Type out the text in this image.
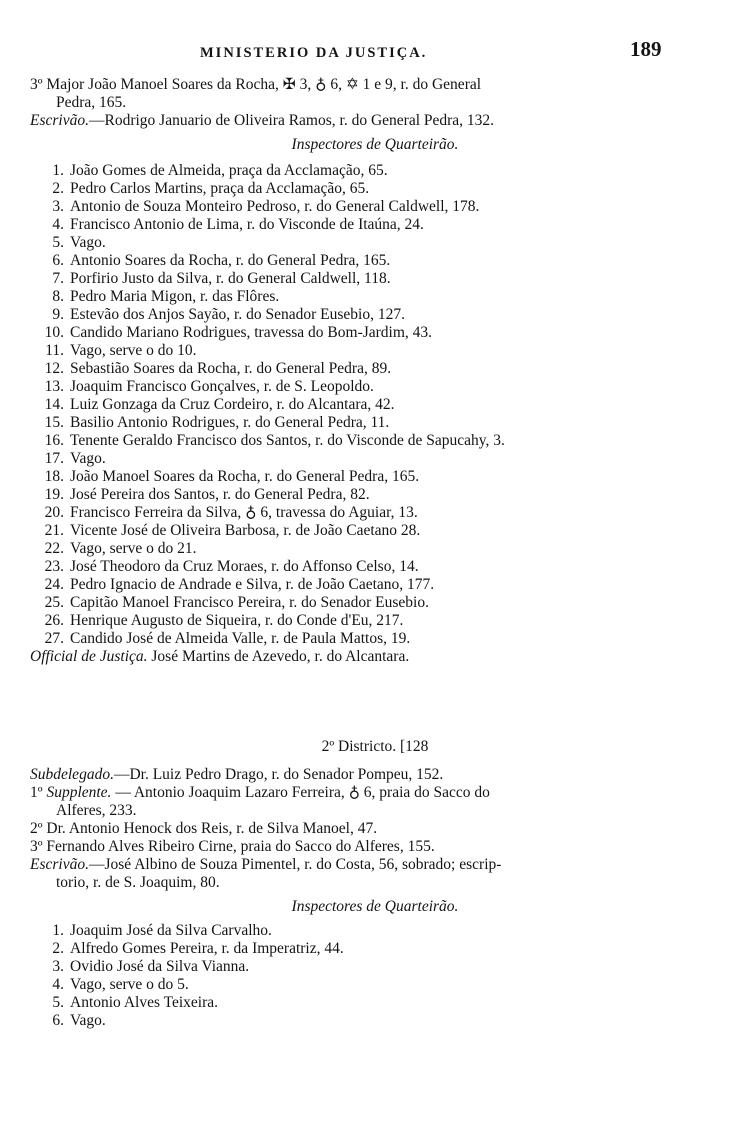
MINISTERIO DA JUSTIÇA.	189

3º Major João Manoel Soares da Rocha, ✠ 3, ♁ 6, ✡ 1 e 9, r. do General

Pedra, 165.

Escrivão.—Rodrigo Januario de Oliveira Ramos, r. do General Pedra, 132.

Inspectores de Quarteirão.

1. João Gomes de Almeida, praça da Acclamação, 65.
2. Pedro Carlos Martins, praça da Acclamação, 65.
3. Antonio de Souza Monteiro Pedroso, r. do General Caldwell, 178.
4. Francisco Antonio de Lima, r. do Visconde de Itaúna, 24.
5. Vago.
6. Antonio Soares da Rocha, r. do General Pedra, 165.
7. Porfirio Justo da Silva, r. do General Caldwell, 118.
8. Pedro Maria Migon, r. das Flôres.
9. Estevão dos Anjos Sayão, r. do Senador Eusebio, 127.
10. Candido Mariano Rodrigues, travessa do Bom-Jardim, 43.
11. Vago, serve o do 10.
12. Sebastião Soares da Rocha, r. do General Pedra, 89.
13. Joaquim Francisco Gonçalves, r. de S. Leopoldo.
14. Luiz Gonzaga da Cruz Cordeiro, r. do Alcantara, 42.
15. Basilio Antonio Rodrigues, r. do General Pedra, 11.
16. Tenente Geraldo Francisco dos Santos, r. do Visconde de Sapucahy, 3.
17. Vago.
18. João Manoel Soares da Rocha, r. do General Pedra, 165.
19. José Pereira dos Santos, r. do General Pedra, 82.
20. Francisco Ferreira da Silva, ♁ 6, travessa do Aguiar, 13.
21. Vicente José de Oliveira Barbosa, r. de João Caetano 28.
22. Vago, serve o do 21.
23. José Theodoro da Cruz Moraes, r. do Affonso Celso, 14.
24. Pedro Ignacio de Andrade e Silva, r. de João Caetano, 177.
25. Capitão Manoel Francisco Pereira, r. do Senador Eusebio.
26. Henrique Augusto de Siqueira, r. do Conde d'Eu, 217.
27. Candido José de Almeida Valle, r. de Paula Mattos, 19.

Official de Justiça. José Martins de Azevedo, r. do Alcantara.

2º Districto. [128

Subdelegado.—Dr. Luiz Pedro Drago, r. do Senador Pompeu, 152.

1º Supplente. — Antonio Joaquim Lazaro Ferreira, ♁ 6, praia do Sacco do

Alferes, 233.

2º Dr. Antonio Henock dos Reis, r. de Silva Manoel, 47.

3º Fernando Alves Ribeiro Cirne, praia do Sacco do Alferes, 155.

Escrivão.—José Albino de Souza Pimentel, r. do Costa, 56, sobrado; escrip-

torio, r. de S. Joaquim, 80.

Inspectores de Quarteirão.

1. Joaquim José da Silva Carvalho.
2. Alfredo Gomes Pereira, r. da Imperatriz, 44.
3. Ovidio José da Silva Vianna.
4. Vago, serve o do 5.
5. Antonio Alves Teixeira.
6. Vago.
